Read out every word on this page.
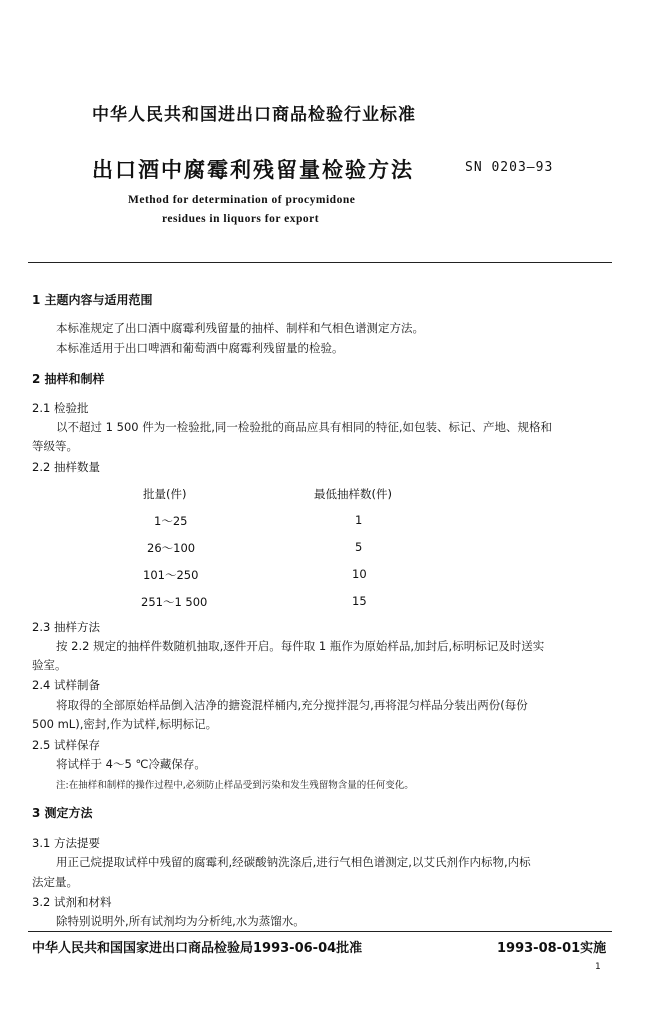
中华人民共和国进出口商品检验行业标准
出口酒中腐霉利残留量检验方法	SN 0203—93
Method for determination of procymidone
residues in liquors for export
1 主题内容与适用范围
本标准规定了出口酒中腐霉利残留量的抽样、制样和气相色谱测定方法。
本标准适用于出口啤酒和葡萄酒中腐霉利残留量的检验。
2 抽样和制样
2.1 检验批
以不超过 1 500 件为一检验批,同一检验批的商品应具有相同的特征,如包装、标记、产地、规格和
等级等。
2.2 抽样数量
批量(件)	最低抽样数(件)
1～25	1
26～100	5
101～250	10
251～1 500	15
2.3 抽样方法
按 2.2 规定的抽样件数随机抽取,逐件开启。每件取 1 瓶作为原始样品,加封后,标明标记及时送实
验室。
2.4 试样制备
将取得的全部原始样品倒入洁净的搪瓷混样桶内,充分搅拌混匀,再将混匀样品分装出两份(每份
500 mL),密封,作为试样,标明标记。
2.5 试样保存
将试样于 4～5 ℃冷藏保存。
注:在抽样和制样的操作过程中,必须防止样品受到污染和发生残留物含量的任何变化。
3 测定方法
3.1 方法提要
用正己烷提取试样中残留的腐霉利,经碳酸钠洗涤后,进行气相色谱测定,以艾氏剂作内标物,内标
法定量。
3.2 试剂和材料
除特别说明外,所有试剂均为分析纯,水为蒸馏水。
中华人民共和国国家进出口商品检验局1993-06-04批准	1993-08-01实施
1
